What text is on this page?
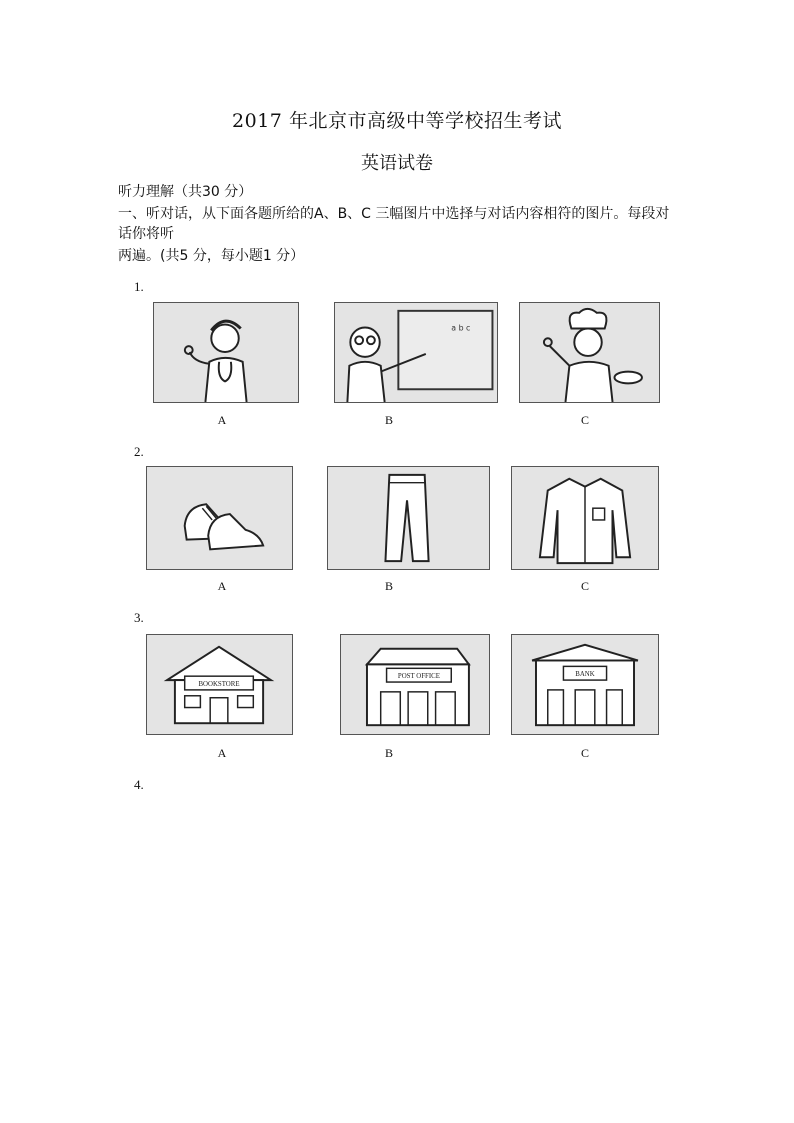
2017 年北京市高级中等学校招生考试
英语试卷
听力理解（共30 分）
一、听对话，从下面各题所给的A、B、C 三幅图片中选择与对话内容相符的图片。每段对
话你将听
两遍。(共5 分，每小题1 分）
1.
A
a b c
B	C
2.
A	B	C
3.
BOOKSTORE
A
POST OFFICE
B
BANK
C
4.
